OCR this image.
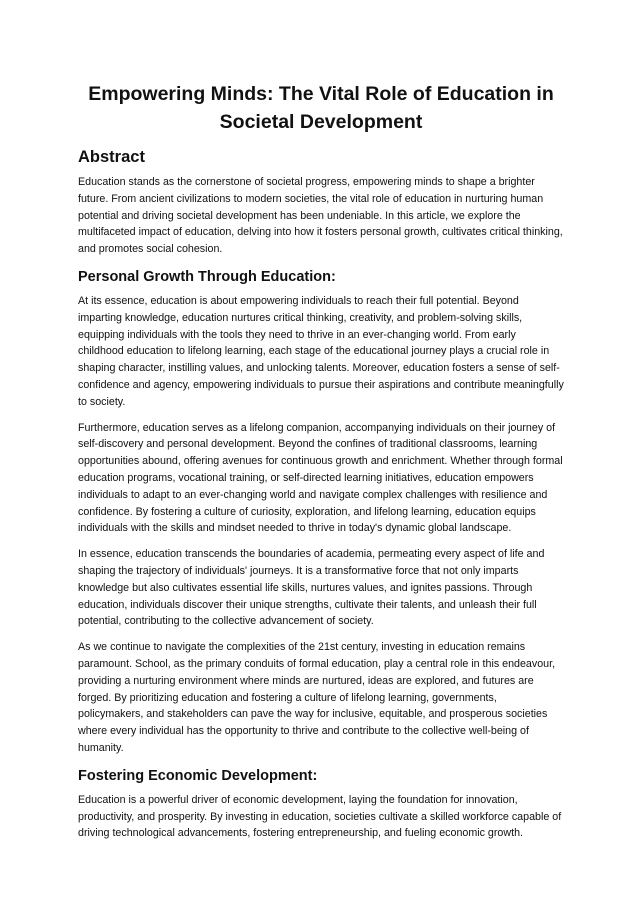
Empowering Minds: The Vital Role of Education in Societal Development
Abstract

Education stands as the cornerstone of societal progress, empowering minds to shape a brighter future. From ancient civilizations to modern societies, the vital role of education in nurturing human potential and driving societal development has been undeniable. In this article, we explore the multifaceted impact of education, delving into how it fosters personal growth, cultivates critical thinking, and promotes social cohesion.

Personal Growth Through Education:

At its essence, education is about empowering individuals to reach their full potential. Beyond imparting knowledge, education nurtures critical thinking, creativity, and problem-solving skills, equipping individuals with the tools they need to thrive in an ever-changing world. From early childhood education to lifelong learning, each stage of the educational journey plays a crucial role in shaping character, instilling values, and unlocking talents. Moreover, education fosters a sense of self-confidence and agency, empowering individuals to pursue their aspirations and contribute meaningfully to society.

Furthermore, education serves as a lifelong companion, accompanying individuals on their journey of self-discovery and personal development. Beyond the confines of traditional classrooms, learning opportunities abound, offering avenues for continuous growth and enrichment. Whether through formal education programs, vocational training, or self-directed learning initiatives, education empowers individuals to adapt to an ever-changing world and navigate complex challenges with resilience and confidence. By fostering a culture of curiosity, exploration, and lifelong learning, education equips individuals with the skills and mindset needed to thrive in today's dynamic global landscape.

In essence, education transcends the boundaries of academia, permeating every aspect of life and shaping the trajectory of individuals' journeys. It is a transformative force that not only imparts knowledge but also cultivates essential life skills, nurtures values, and ignites passions. Through education, individuals discover their unique strengths, cultivate their talents, and unleash their full potential, contributing to the collective advancement of society.

As we continue to navigate the complexities of the 21st century, investing in education remains paramount. School, as the primary conduits of formal education, play a central role in this endeavour, providing a nurturing environment where minds are nurtured, ideas are explored, and futures are forged. By prioritizing education and fostering a culture of lifelong learning, governments, policymakers, and stakeholders can pave the way for inclusive, equitable, and prosperous societies where every individual has the opportunity to thrive and contribute to the collective well-being of humanity.

Fostering Economic Development:

Education is a powerful driver of economic development, laying the foundation for innovation, productivity, and prosperity. By investing in education, societies cultivate a skilled workforce capable of driving technological advancements, fostering entrepreneurship, and fueling economic growth.
